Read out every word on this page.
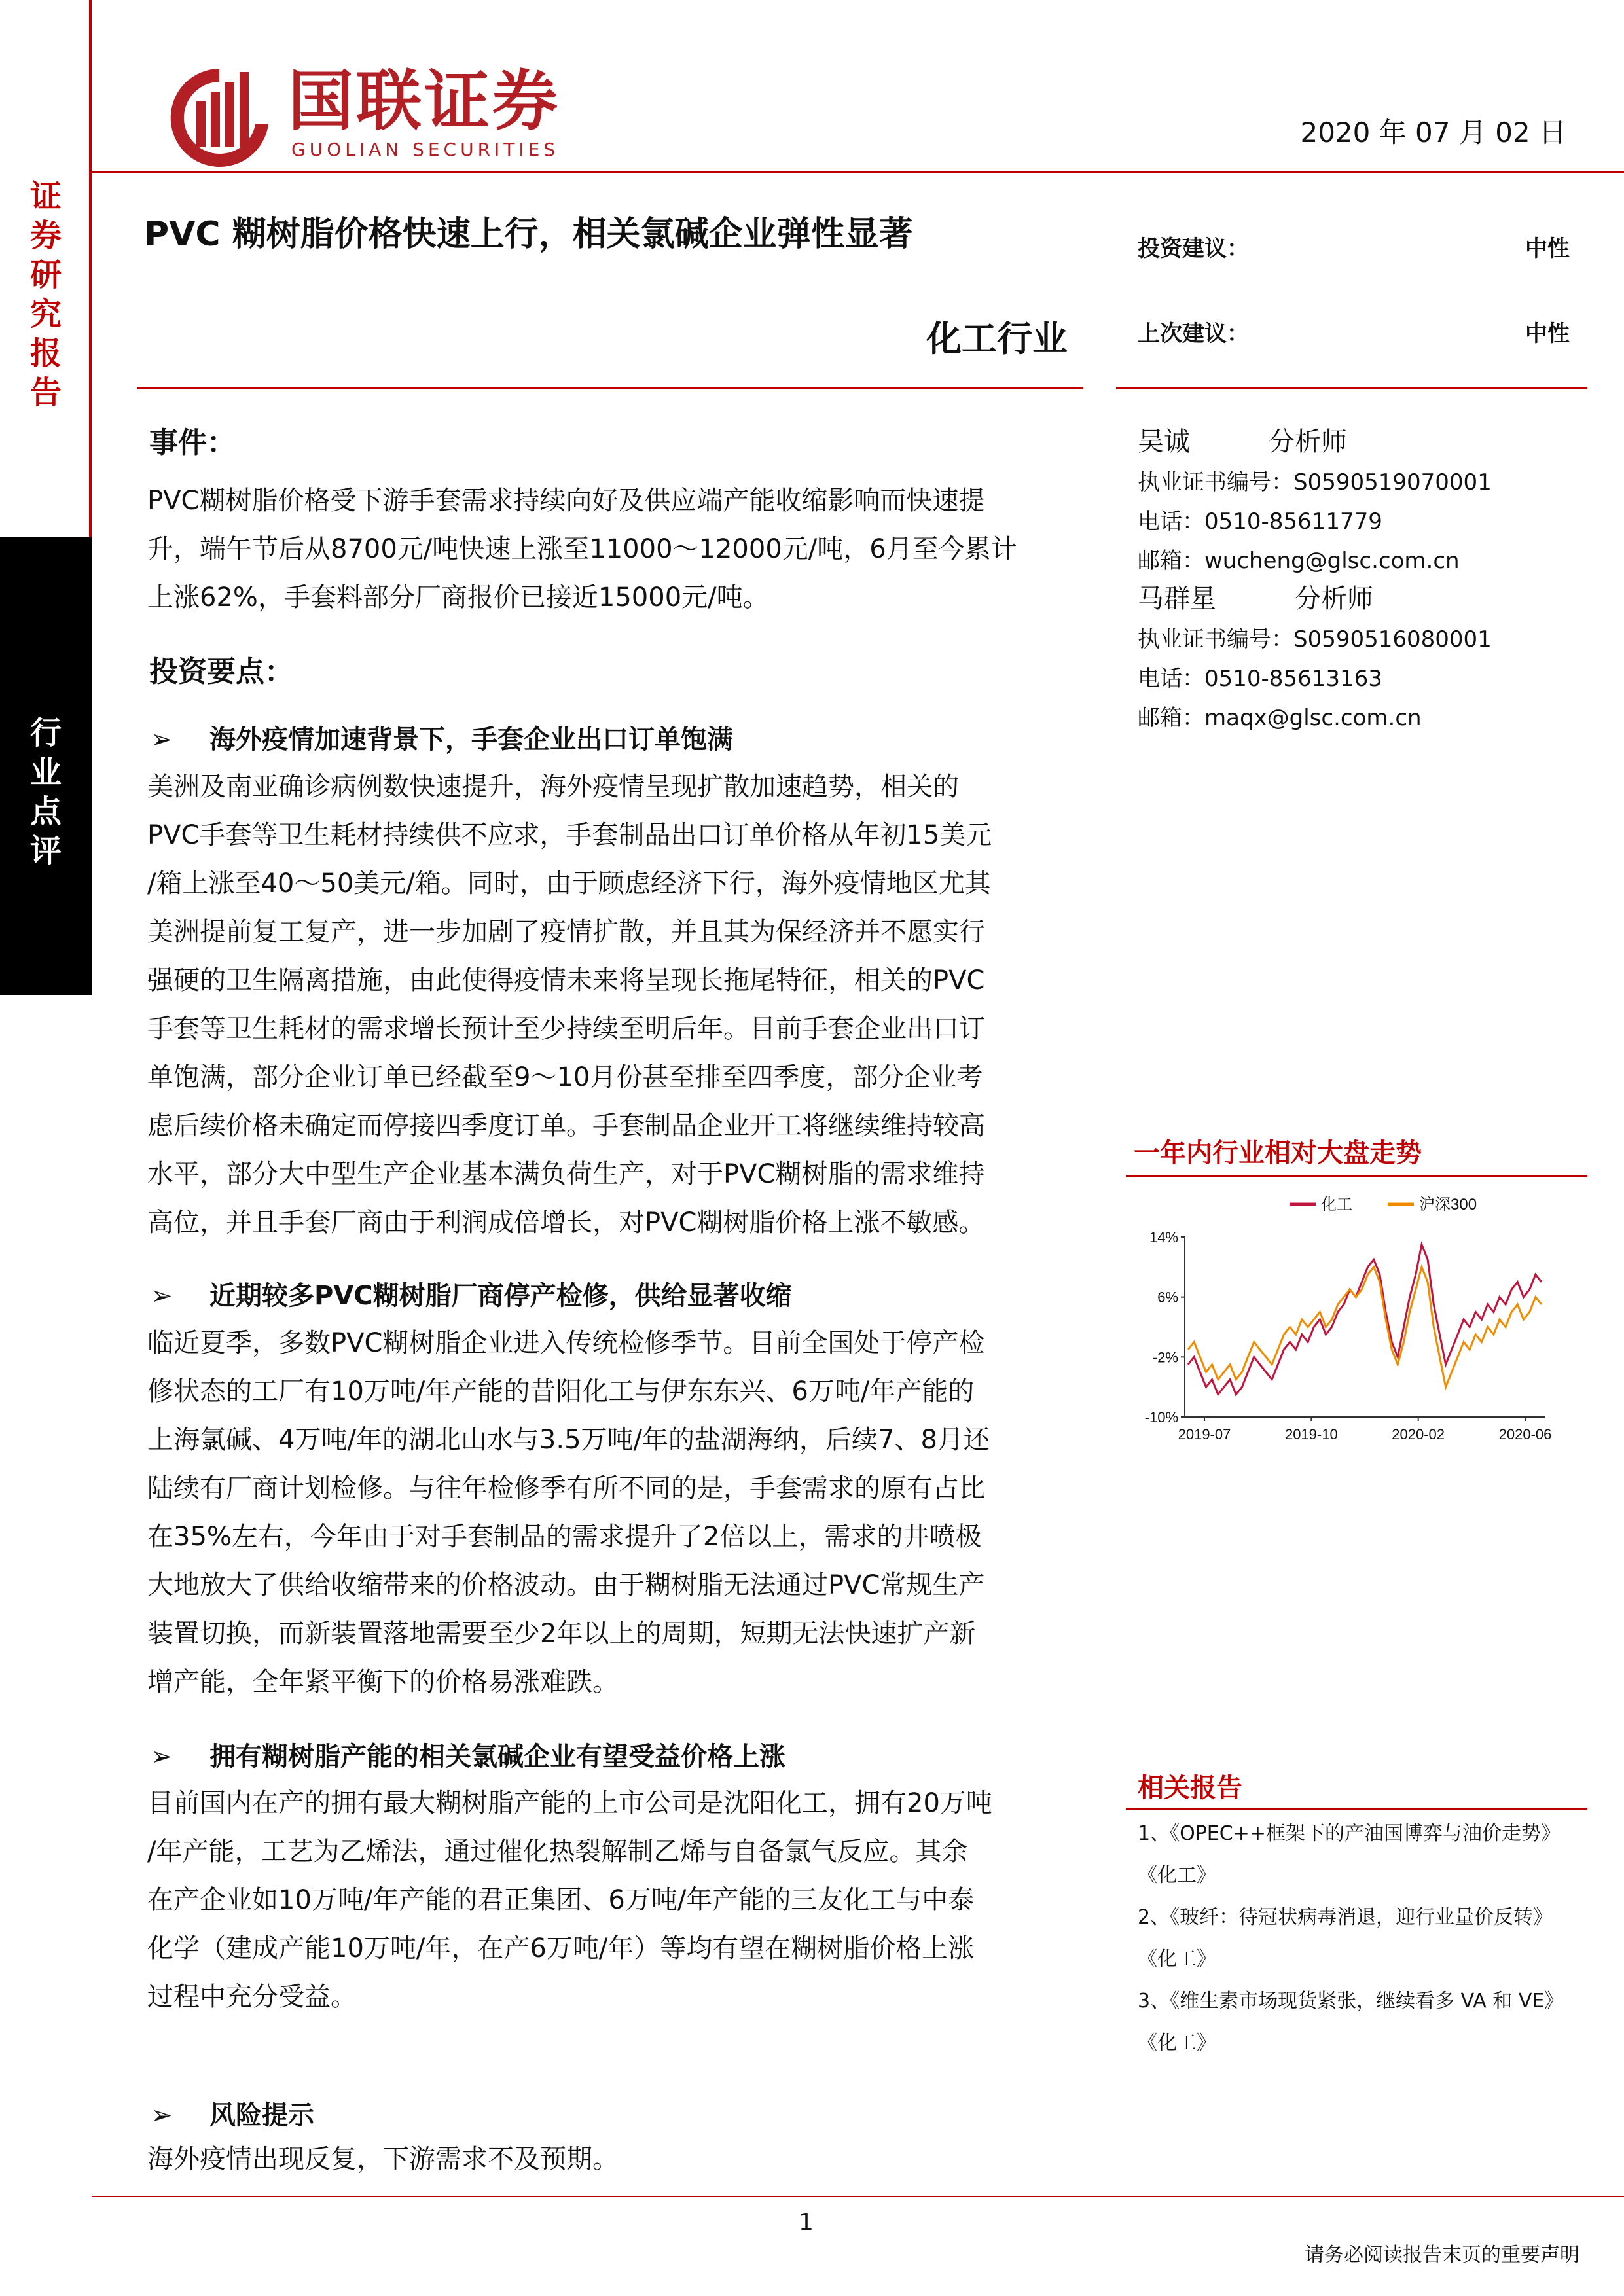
证
券
研
究
报
告
行
业
点
评
国联证券
GUOLIAN SECURITIES
2020 年 07 月 02 日
PVC 糊树脂价格快速上行，相关氯碱企业弹性显著
化工行业
投资建议：	中性
上次建议：	中性
事件：
PVC糊树脂价格受下游手套需求持续向好及供应端产能收缩影响而快速提
升，端午节后从8700元/吨快速上涨至11000～12000元/吨，6月至今累计
上涨62%，手套料部分厂商报价已接近15000元/吨。
投资要点：
➢ 海外疫情加速背景下，手套企业出口订单饱满
美洲及南亚确诊病例数快速提升，海外疫情呈现扩散加速趋势，相关的
PVC手套等卫生耗材持续供不应求，手套制品出口订单价格从年初15美元
/箱上涨至40～50美元/箱。同时，由于顾虑经济下行，海外疫情地区尤其
美洲提前复工复产，进一步加剧了疫情扩散，并且其为保经济并不愿实行
强硬的卫生隔离措施，由此使得疫情未来将呈现长拖尾特征，相关的PVC
手套等卫生耗材的需求增长预计至少持续至明后年。目前手套企业出口订
单饱满，部分企业订单已经截至9～10月份甚至排至四季度，部分企业考
虑后续价格未确定而停接四季度订单。手套制品企业开工将继续维持较高
水平，部分大中型生产企业基本满负荷生产，对于PVC糊树脂的需求维持
高位，并且手套厂商由于利润成倍增长，对PVC糊树脂价格上涨不敏感。
➢ 近期较多PVC糊树脂厂商停产检修，供给显著收缩
临近夏季，多数PVC糊树脂企业进入传统检修季节。目前全国处于停产检
修状态的工厂有10万吨/年产能的昔阳化工与伊东东兴、6万吨/年产能的
上海氯碱、4万吨/年的湖北山水与3.5万吨/年的盐湖海纳，后续7、8月还
陆续有厂商计划检修。与往年检修季有所不同的是，手套需求的原有占比
在35%左右，今年由于对手套制品的需求提升了2倍以上，需求的井喷极
大地放大了供给收缩带来的价格波动。由于糊树脂无法通过PVC常规生产
装置切换，而新装置落地需要至少2年以上的周期，短期无法快速扩产新
增产能，全年紧平衡下的价格易涨难跌。
➢ 拥有糊树脂产能的相关氯碱企业有望受益价格上涨
目前国内在产的拥有最大糊树脂产能的上市公司是沈阳化工，拥有20万吨
/年产能，工艺为乙烯法，通过催化热裂解制乙烯与自备氯气反应。其余
在产企业如10万吨/年产能的君正集团、6万吨/年产能的三友化工与中泰
化学（建成产能10万吨/年，在产6万吨/年）等均有望在糊树脂价格上涨
过程中充分受益。
➢ 风险提示
海外疫情出现反复，下游需求不及预期。
吴诚	分析师
执业证书编号：S0590519070001
电话：0510-85611779
邮箱：wucheng@glsc.com.cn
马群星	分析师
执业证书编号：S0590516080001
电话：0510-85613163
邮箱：maqx@glsc.com.cn
一年内行业相对大盘走势
14%
6%
-2%
-10%
2019-07	2019-10	2020-02	2020-06
化工	沪深300
相关报告
1、《OPEC++框架下的产油国博弈与油价走势》
《化工》
2、《玻纤：待冠状病毒消退，迎行业量价反转》
《化工》
3、《维生素市场现货紧张，继续看多 VA 和 VE》
《化工》
1
请务必阅读报告末页的重要声明
